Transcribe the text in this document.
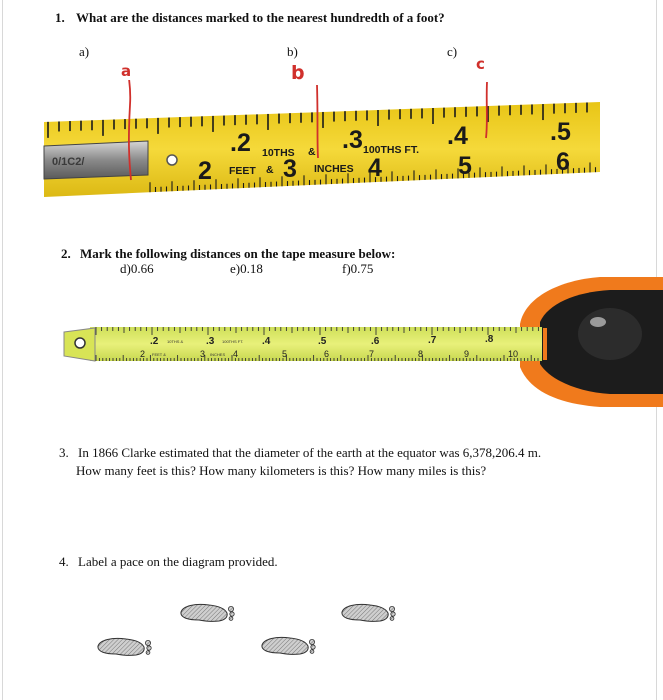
1. What are the distances marked to the nearest hundredth of a foot?
a)	b)	c)
a	b	c
0/1C2/
.2
2
.3
3
.4
4
.5
5	6
10THS &	100THS FT.
FEET &	INCHES
2. Mark the following distances on the tape measure below:
d)0.66	e)0.18	f)0.75
.2	.3	.4	.5	.6	.7	.8
2	3	4	5	6	7	8	9	10
10THS &	100THS FT.
FEET &	INCHES
3. In 1866 Clarke estimated that the diameter of the earth at the equator was 6,378,206.4 m.
How many feet is this? How many kilometers is this? How many miles is this?
4. Label a pace on the diagram provided.
